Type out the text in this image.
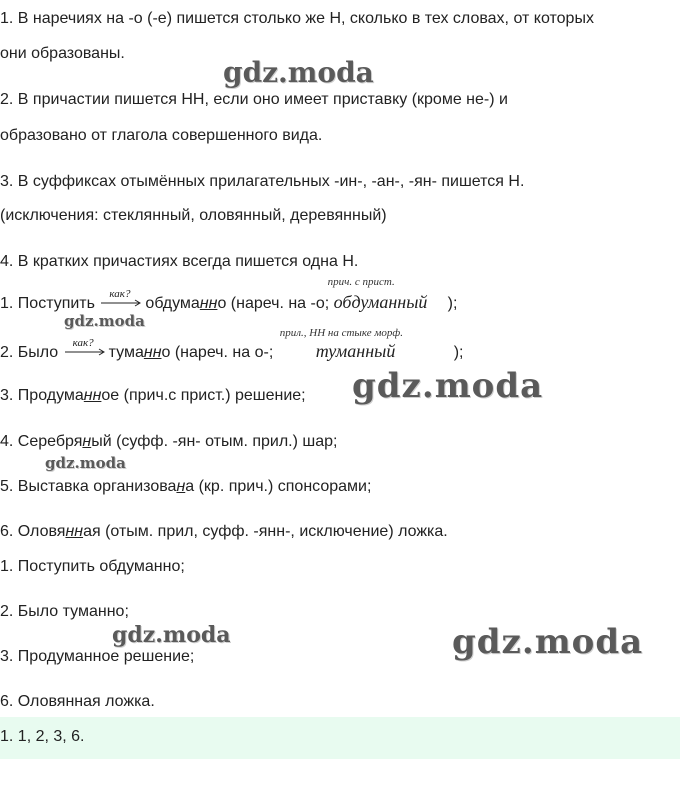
1. В наречиях на -о (-е) пишется столько же Н, сколько в тех словах, от которых
они образованы.
2. В причастии пишется НН, если оно имеет приставку (кроме не-) и
образовано от глагола совершенного вида.
3. В суффиксах отымённых прилагательных -ин-, -ан-, -ян- пишется Н.
(исключения: стеклянный, оловянный, деревянный)
4. В кратких причастиях всегда пишется одна Н.
1. Поступить
как?
обдуманно (нареч. на -о;
прич. с прист.
обдуманный );
2. Было
как?
туманно (нареч. на о-;
прил., НН на стыке морф.
туманный	);
3. Продуманное (прич.с прист.) решение;
4. Серебряный (суфф. -ян- отым. прил.) шар;
5. Выставка организована (кр. прич.) спонсорами;
6. Оловянная (отым. прил, суфф. -янн-, исключение) ложка.
1. Поступить обдуманно;
2. Было туманно;
3. Продуманное решение;
6. Оловянная ложка.
1. 1, 2, 3, 6.
gdz.moda
gdz.moda
gdz.moda
gdz.moda
gdz.moda	gdz.moda
